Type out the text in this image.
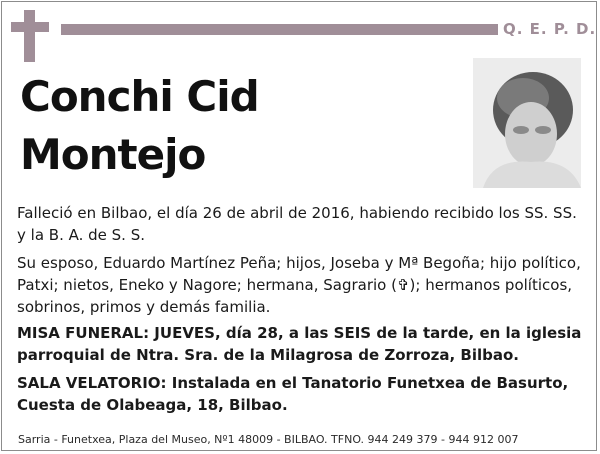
Q. E. P. D.
Conchi Cid
Montejo
Falleció en Bilbao, el día 26 de abril de 2016, habiendo recibido los SS. SS. y la B. A. de S. S.
Su esposo, Eduardo Martínez Peña; hijos, Joseba y Mª Begoña; hijo político, Patxi; nietos, Eneko y Nagore; hermana, Sagrario (✞); hermanos políticos, sobrinos, primos y demás familia.
MISA FUNERAL: JUEVES, día 28, a las SEIS de la tarde, en la iglesia parroquial de Ntra. Sra. de la Milagrosa de Zorroza, Bilbao.
SALA VELATORIO: Instalada en el Tanatorio Funetxea de Basurto, Cuesta de Olabeaga, 18, Bilbao.
Sarria - Funetxea, Plaza del Museo, Nº1 48009 - BILBAO. TFNO. 944 249 379 - 944 912 007
